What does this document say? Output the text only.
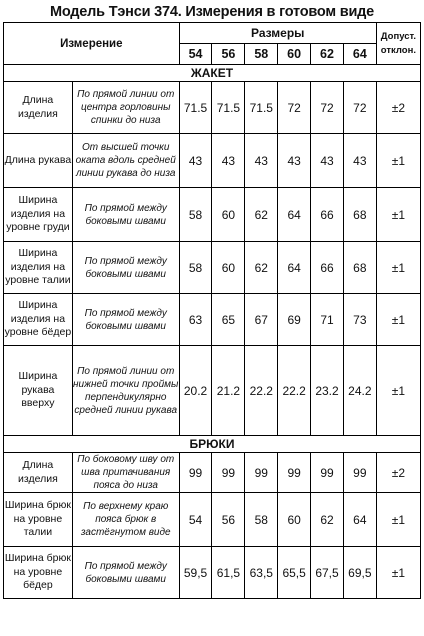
Модель Тэнси 374. Измерения в готовом виде
Измерение		Размеры						Допуст.
отклон.
		54	56	58	60	62	64	
ЖАКЕТ								
Длина изделия	По прямой линии от центра горловины спинки до низа	71.5	71.5	71.5	72	72	72	±2
Длина рукава	От высшей точки оката вдоль средней линии рукава до низа	43	43	43	43	43	43	±1
Ширина изделия на уровне груди	По прямой между боковыми швами	58	60	62	64	66	68	±1
Ширина изделия на уровне талии	По прямой между боковыми швами	58	60	62	64	66	68	±1
Ширина изделия на уровне бёдер	По прямой между боковыми швами	63	65	67	69	71	73	±1
Ширина рукава вверху	По прямой линии от нижней точки проймы перпендикулярно средней линии рукава	20.2	21.2	22.2	22.2	23.2	24.2	±1
БРЮКИ								
Длина изделия	По боковому шву от шва притачивания пояса до низа	99	99	99	99	99	99	±2
Ширина брюк на уровне талии	По верхнему краю пояса брюк в застёгнутом виде	54	56	58	60	62	64	±1
Ширина брюк на уровне бёдер	По прямой между боковыми швами	59,5	61,5	63,5	65,5	67,5	69,5	±1
